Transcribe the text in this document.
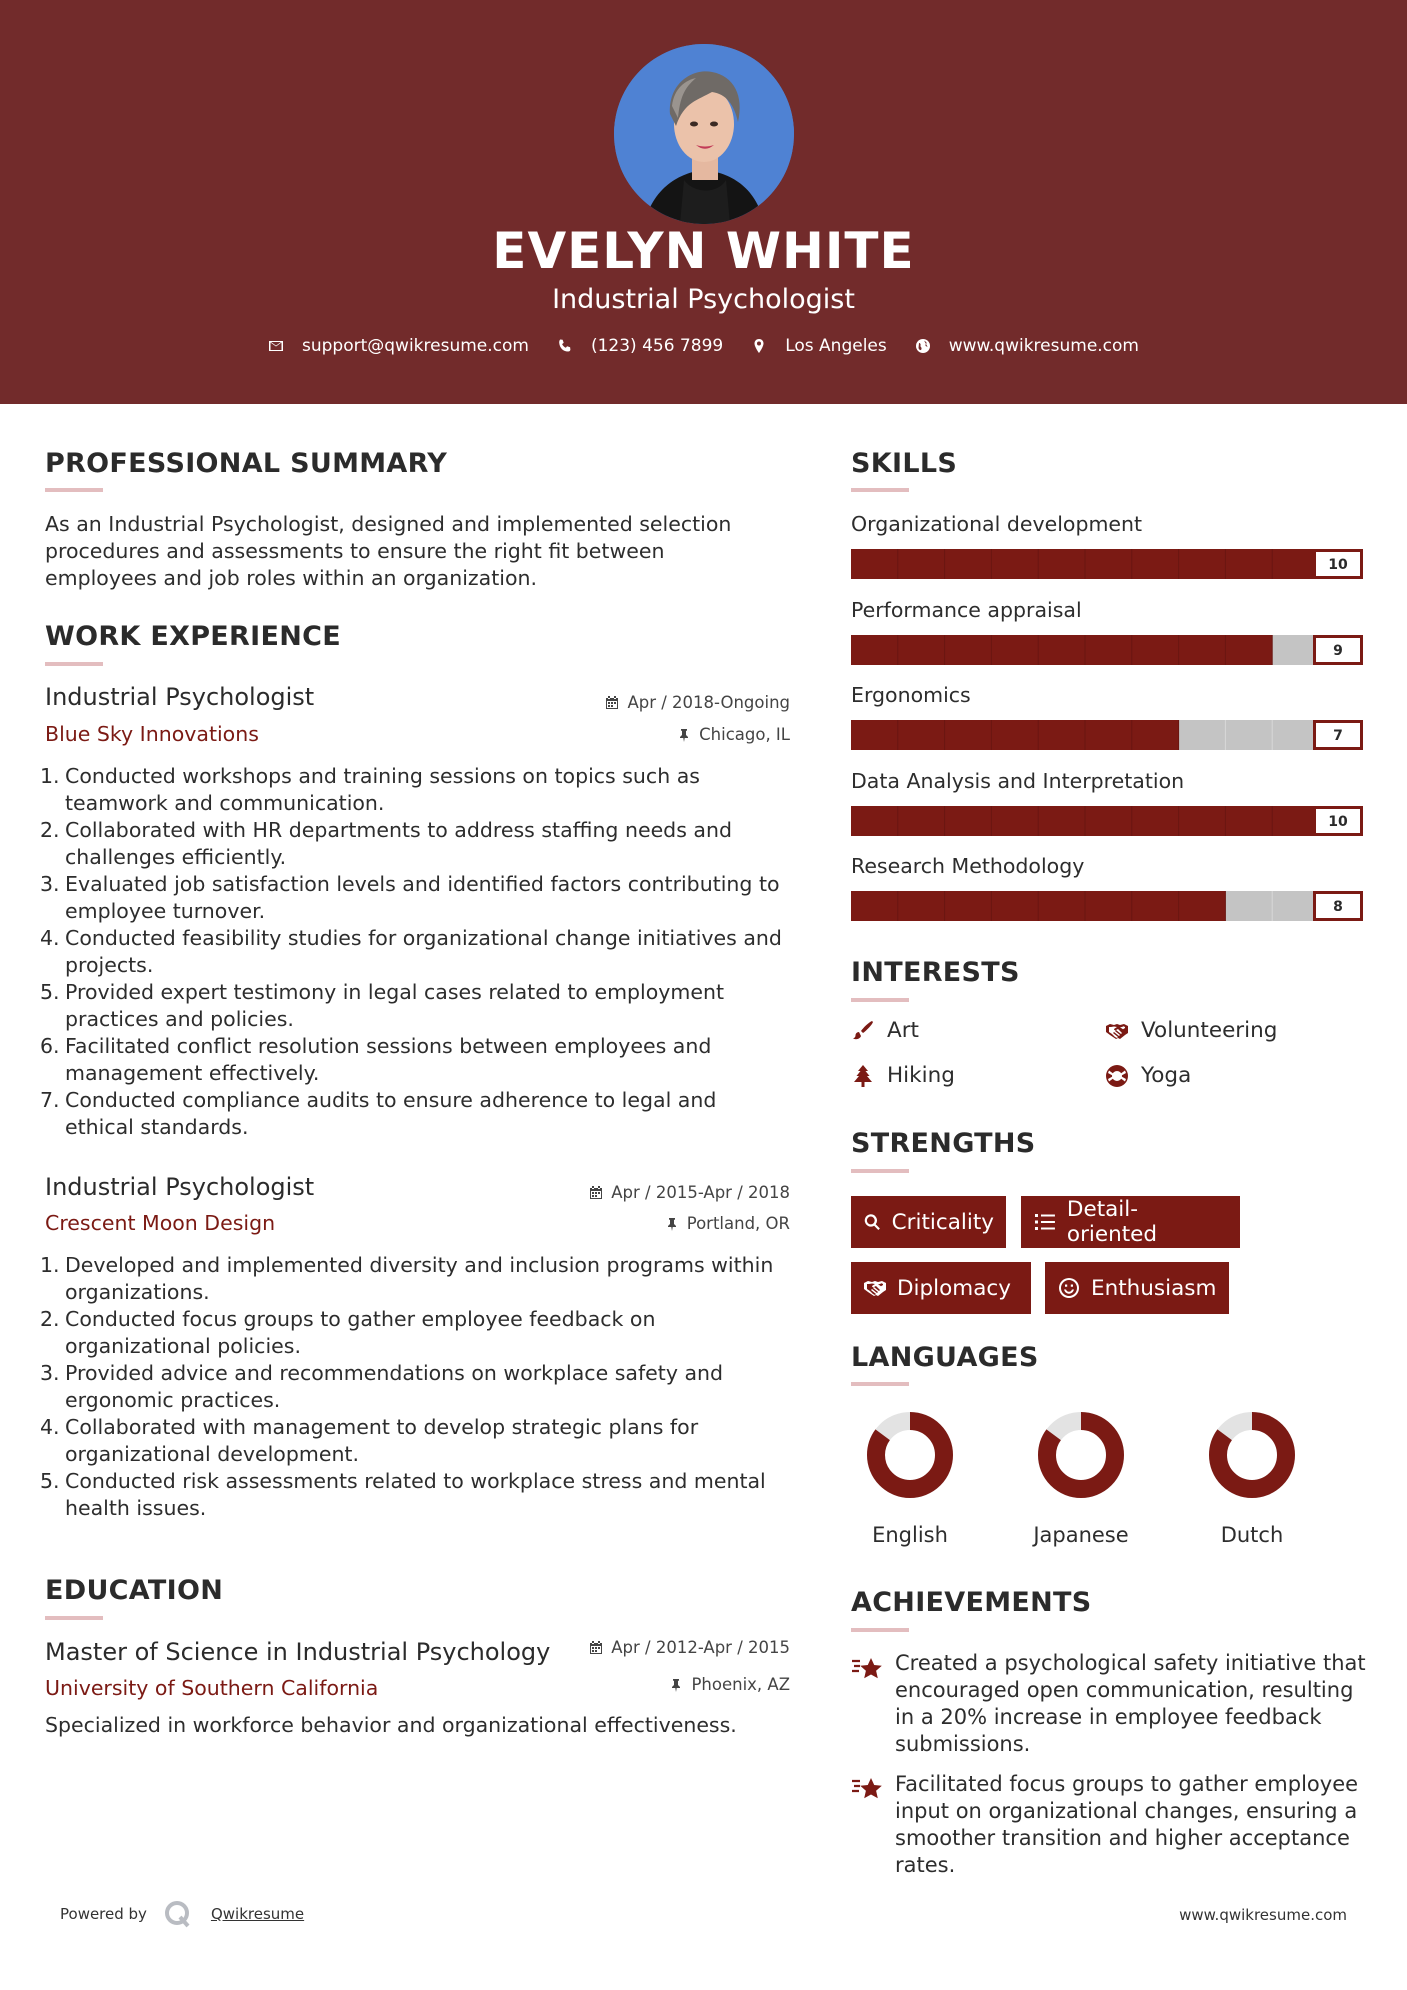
EVELYN WHITE
Industrial Psychologist
support@qwikresume.com	(123) 456 7899	Los Angeles	www.qwikresume.com
PROFESSIONAL SUMMARY
As an Industrial Psychologist, designed and implemented selection
procedures and assessments to ensure the right fit between
employees and job roles within an organization.
WORK EXPERIENCE
Industrial Psychologist	Apr / 2018-Ongoing
Blue Sky Innovations	Chicago, IL
1. Conducted workshops and training sessions on topics such as
teamwork and communication.
2. Collaborated with HR departments to address staffing needs and
challenges efficiently.
3. Evaluated job satisfaction levels and identified factors contributing to
employee turnover.
4. Conducted feasibility studies for organizational change initiatives and
projects.
5. Provided expert testimony in legal cases related to employment
practices and policies.
6. Facilitated conflict resolution sessions between employees and
management effectively.
7. Conducted compliance audits to ensure adherence to legal and
ethical standards.
Industrial Psychologist	Apr / 2015-Apr / 2018
Crescent Moon Design	Portland, OR
1. Developed and implemented diversity and inclusion programs within
organizations.
2. Conducted focus groups to gather employee feedback on
organizational policies.
3. Provided advice and recommendations on workplace safety and
ergonomic practices.
4. Collaborated with management to develop strategic plans for
organizational development.
5. Conducted risk assessments related to workplace stress and mental
health issues.
EDUCATION
Master of Science in Industrial Psychology	Apr / 2012-Apr / 2015
University of Southern California	Phoenix, AZ
Specialized in workforce behavior and organizational effectiveness.
SKILLS
Organizational development
10
Performance appraisal
9
Ergonomics
7
Data Analysis and Interpretation
10
Research Methodology
8
INTERESTS
Art	Volunteering
Hiking	Yoga
STRENGTHS
Criticality	Detail-oriented
Diplomacy	Enthusiasm
LANGUAGES
English	Japanese	Dutch
ACHIEVEMENTS
Created a psychological safety initiative that
encouraged open communication, resulting
in a 20% increase in employee feedback
submissions.
Facilitated focus groups to gather employee
input on organizational changes, ensuring a
smoother transition and higher acceptance
rates.
Powered by	Qwikresume	www.qwikresume.com
